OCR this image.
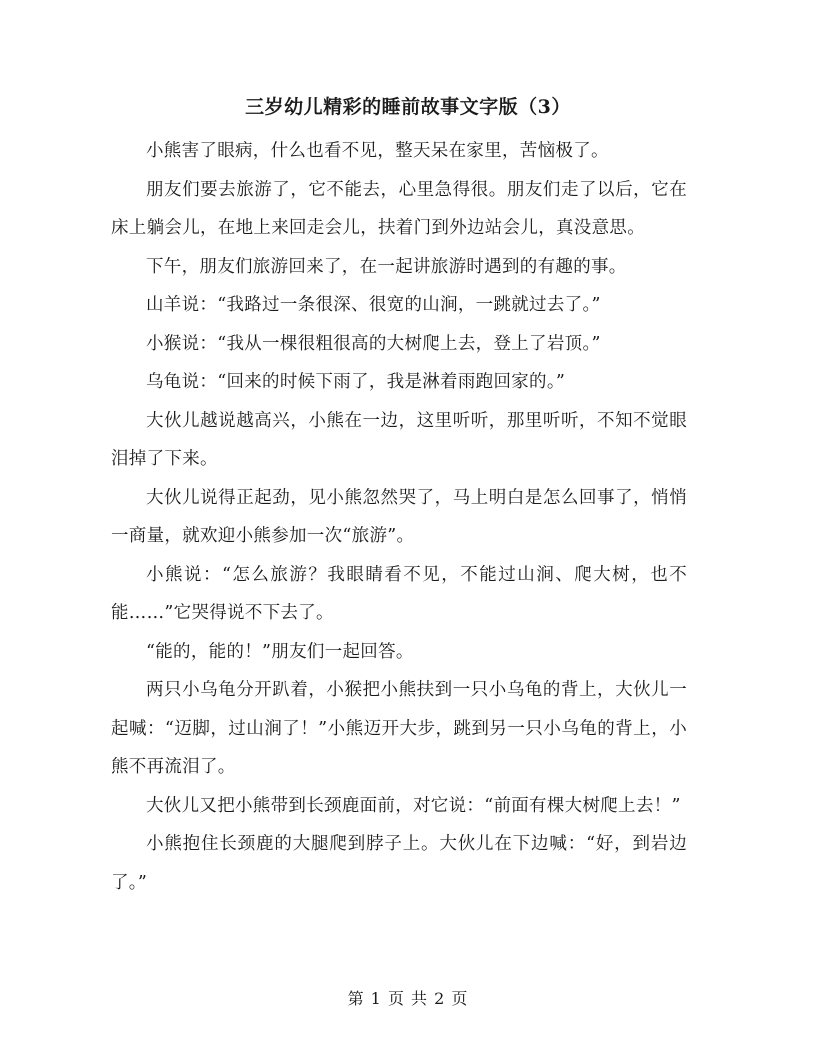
三岁幼儿精彩的睡前故事文字版（3）

小熊害了眼病，什么也看不见，整天呆在家里，苦恼极了。

朋友们要去旅游了，它不能去，心里急得很。朋友们走了以后，它在床上躺会儿，在地上来回走会儿，扶着门到外边站会儿，真没意思。

下午，朋友们旅游回来了，在一起讲旅游时遇到的有趣的事。

山羊说：“我路过一条很深、很宽的山涧，一跳就过去了。”

小猴说：“我从一棵很粗很高的大树爬上去，登上了岩顶。”

乌龟说：“回来的时候下雨了，我是淋着雨跑回家的。”

大伙儿越说越高兴，小熊在一边，这里听听，那里听听，不知不觉眼泪掉了下来。

大伙儿说得正起劲，见小熊忽然哭了，马上明白是怎么回事了，悄悄一商量，就欢迎小熊参加一次“旅游”。

小熊说：“怎么旅游？我眼睛看不见，不能过山涧、爬大树，也不能……”它哭得说不下去了。

“能的，能的！”朋友们一起回答。

两只小乌龟分开趴着，小猴把小熊扶到一只小乌龟的背上，大伙儿一起喊：“迈脚，过山涧了！”小熊迈开大步，跳到另一只小乌龟的背上，小熊不再流泪了。

大伙儿又把小熊带到长颈鹿面前，对它说：“前面有棵大树爬上去！”

小熊抱住长颈鹿的大腿爬到脖子上。大伙儿在下边喊：“好，到岩边了。”

第 1 页 共 2 页
